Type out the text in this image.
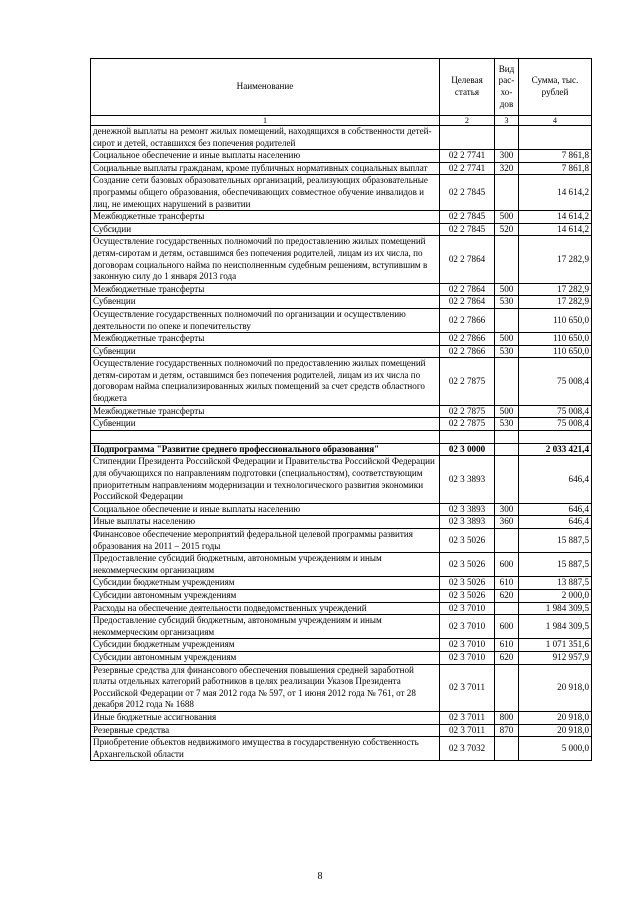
Наименование	Целевая статья	Вид рас- хо- дов	Сумма, тыс. рублей
1	2	3	4
денежной выплаты на ремонт жилых помещений, находящихся в собственности детей-сирот и детей, оставшихся без попечения родителей			
Социальное обеспечение и иные выплаты населению	02 2 7741	300	7 861,8
Социальные выплаты гражданам, кроме публичных нормативных социальных выплат	02 2 7741	320	7 861,8
Создание сети базовых образовательных организаций, реализующих образовательные программы общего образования, обеспечивающих совместное обучение инвалидов и лиц, не имеющих нарушений в развитии	02 2 7845		14 614,2
Межбюджетные трансферты	02 2 7845	500	14 614,2
Субсидии	02 2 7845	520	14 614,2
Осуществление государственных полномочий по предоставлению жилых помещений детям-сиротам и детям, оставшимся без попечения родителей, лицам из их числа, по договорам социального найма по неисполненным судебным решениям, вступившим в законную силу до 1 января 2013 года	02 2 7864		17 282,9
Межбюджетные трансферты	02 2 7864	500	17 282,9
Субвенции	02 2 7864	530	17 282,9
Осуществление государственных полномочий по организации и осуществлению деятельности по опеке и попечительству	02 2 7866		110 650,0
Межбюджетные трансферты	02 2 7866	500	110 650,0
Субвенции	02 2 7866	530	110 650,0
Осуществление государственных полномочий по предоставлению жилых помещений детям-сиротам и детям, оставшимся без попечения родителей, лицам из их числа по договорам найма специализированных жилых помещений за счет средств областного бюджета	02 2 7875		75 008,4
Межбюджетные трансферты	02 2 7875	500	75 008,4
Субвенции	02 2 7875	530	75 008,4

Подпрограмма "Развитие среднего профессионального образования"	02 3 0000		2 033 421,4
Стипендии Президента Российской Федерации и Правительства Российской Федерации для обучающихся по направлениям подготовки (специальностям), соответствующим приоритетным направлениям модернизации и технологического развития экономики Российской Федерации	02 3 3893		646,4
Социальное обеспечение и иные выплаты населению	02 3 3893	300	646,4
Иные выплаты населению	02 3 3893	360	646,4
Финансовое обеспечение мероприятий федеральной целевой программы развития образования на 2011 – 2015 годы	02 3 5026		15 887,5
Предоставление субсидий бюджетным, автономным учреждениям и иным некоммерческим организациям	02 3 5026	600	15 887,5
Субсидии бюджетным учреждениям	02 3 5026	610	13 887,5
Субсидии автономным учреждениям	02 3 5026	620	2 000,0
Расходы на обеспечение деятельности подведомственных учреждений	02 3 7010		1 984 309,5
Предоставление субсидий бюджетным, автономным учреждениям и иным некоммерческим организациям	02 3 7010	600	1 984 309,5
Субсидии бюджетным учреждениям	02 3 7010	610	1 071 351,6
Субсидии автономным учреждениям	02 3 7010	620	912 957,9
Резервные средства для финансового обеспечения повышения средней заработной платы отдельных категорий работников в целях реализации Указов Президента Российской Федерации от 7 мая 2012 года № 597, от 1 июня 2012 года № 761, от 28 декабря 2012 года № 1688	02 3 7011		20 918,0
Иные бюджетные ассигнования	02 3 7011	800	20 918,0
Резервные средства	02 3 7011	870	20 918,0
Приобретение объектов недвижимого имущества в государственную собственность Архангельской области	02 3 7032		5 000,0
8
